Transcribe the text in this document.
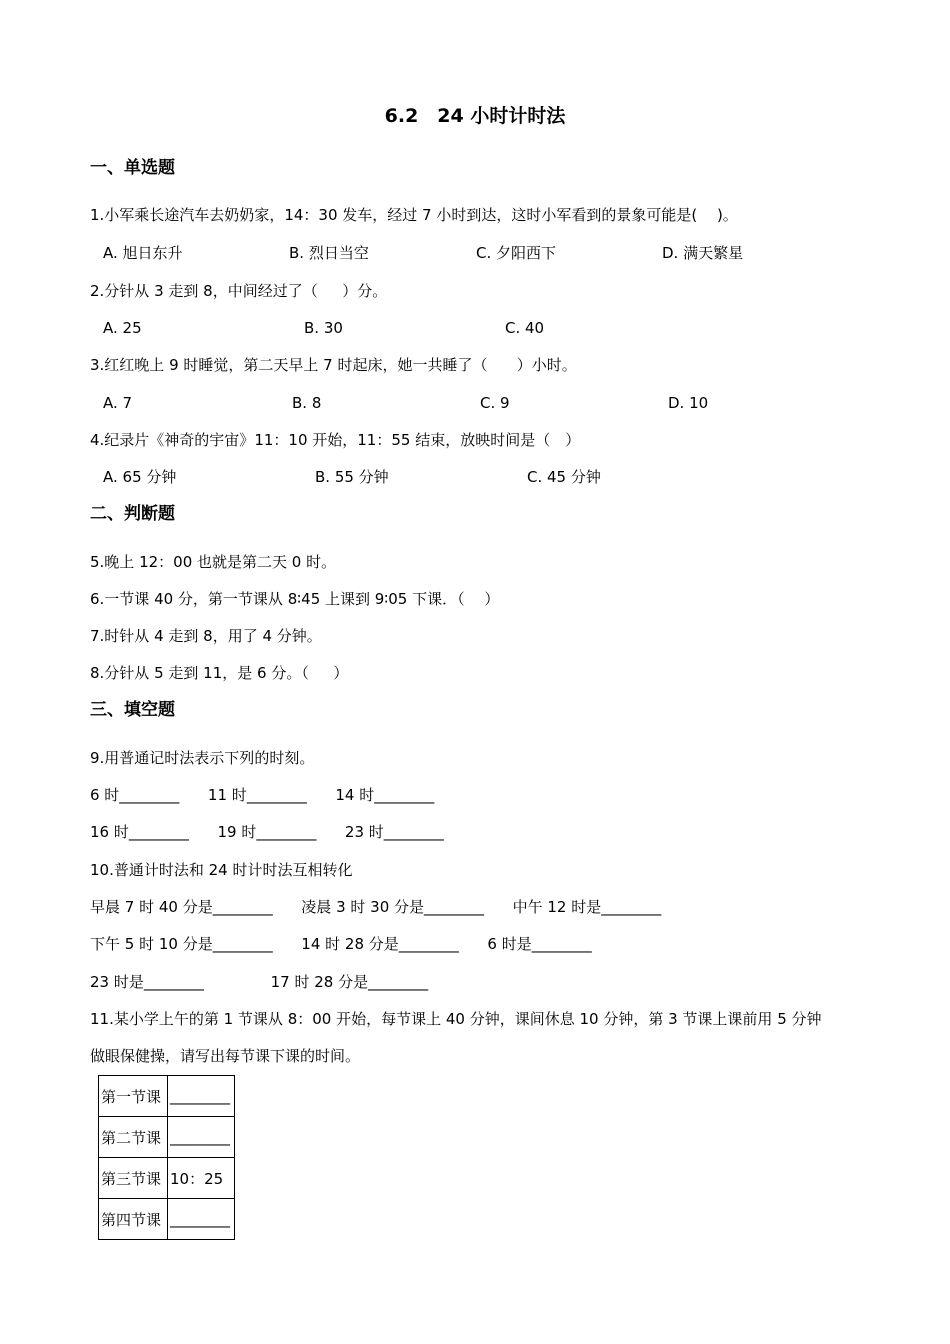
6.2　24 小时计时法
一、单选题
1.小军乘长途汽车去奶奶家，14：30 发车，经过 7 小时到达，这时小军看到的景象可能是(　 )。
A. 旭日东升	B. 烈日当空	C. 夕阳西下	D. 满天繁星
2.分针从 3 走到 8，中间经过了（　  ）分。
A. 25	B. 30	C. 40
3.红红晚上 9 时睡觉，第二天早上 7 时起床，她一共睡了（　   ）小时。
A. 7	B. 8	C. 9	D. 10
4.纪录片《神奇的宇宙》11：10 开始，11：55 结束，放映时间是（　）
A. 65 分钟	B. 55 分钟	C. 45 分钟
二、判断题
5.晚上 12：00 也就是第二天 0 时。
6.一节课 40 分，第一节课从 8∶45 上课到 9∶05 下课．（　 ）
7.时针从 4 走到 8，用了 4 分钟。
8.分针从 5 走到 11，是 6 分。（　  ）
三、填空题
9.用普通记时法表示下列的时刻。
6 时________      11 时________      14 时________
16 时________      19 时________      23 时________
10.普通计时法和 24 时计时法互相转化
早晨 7 时 40 分是________      凌晨 3 时 30 分是________      中午 12 时是________
下午 5 时 10 分是________      14 时 28 分是________      6 时是________
23 时是________              17 时 28 分是________
11.某小学上午的第 1 节课从 8：00 开始，每节课上 40 分钟，课间休息 10 分钟，第 3 节课上课前用 5 分钟
做眼保健操，请写出每节课下课的时间。
第一节课	________
第二节课	________
第三节课	10：25
第四节课	________
